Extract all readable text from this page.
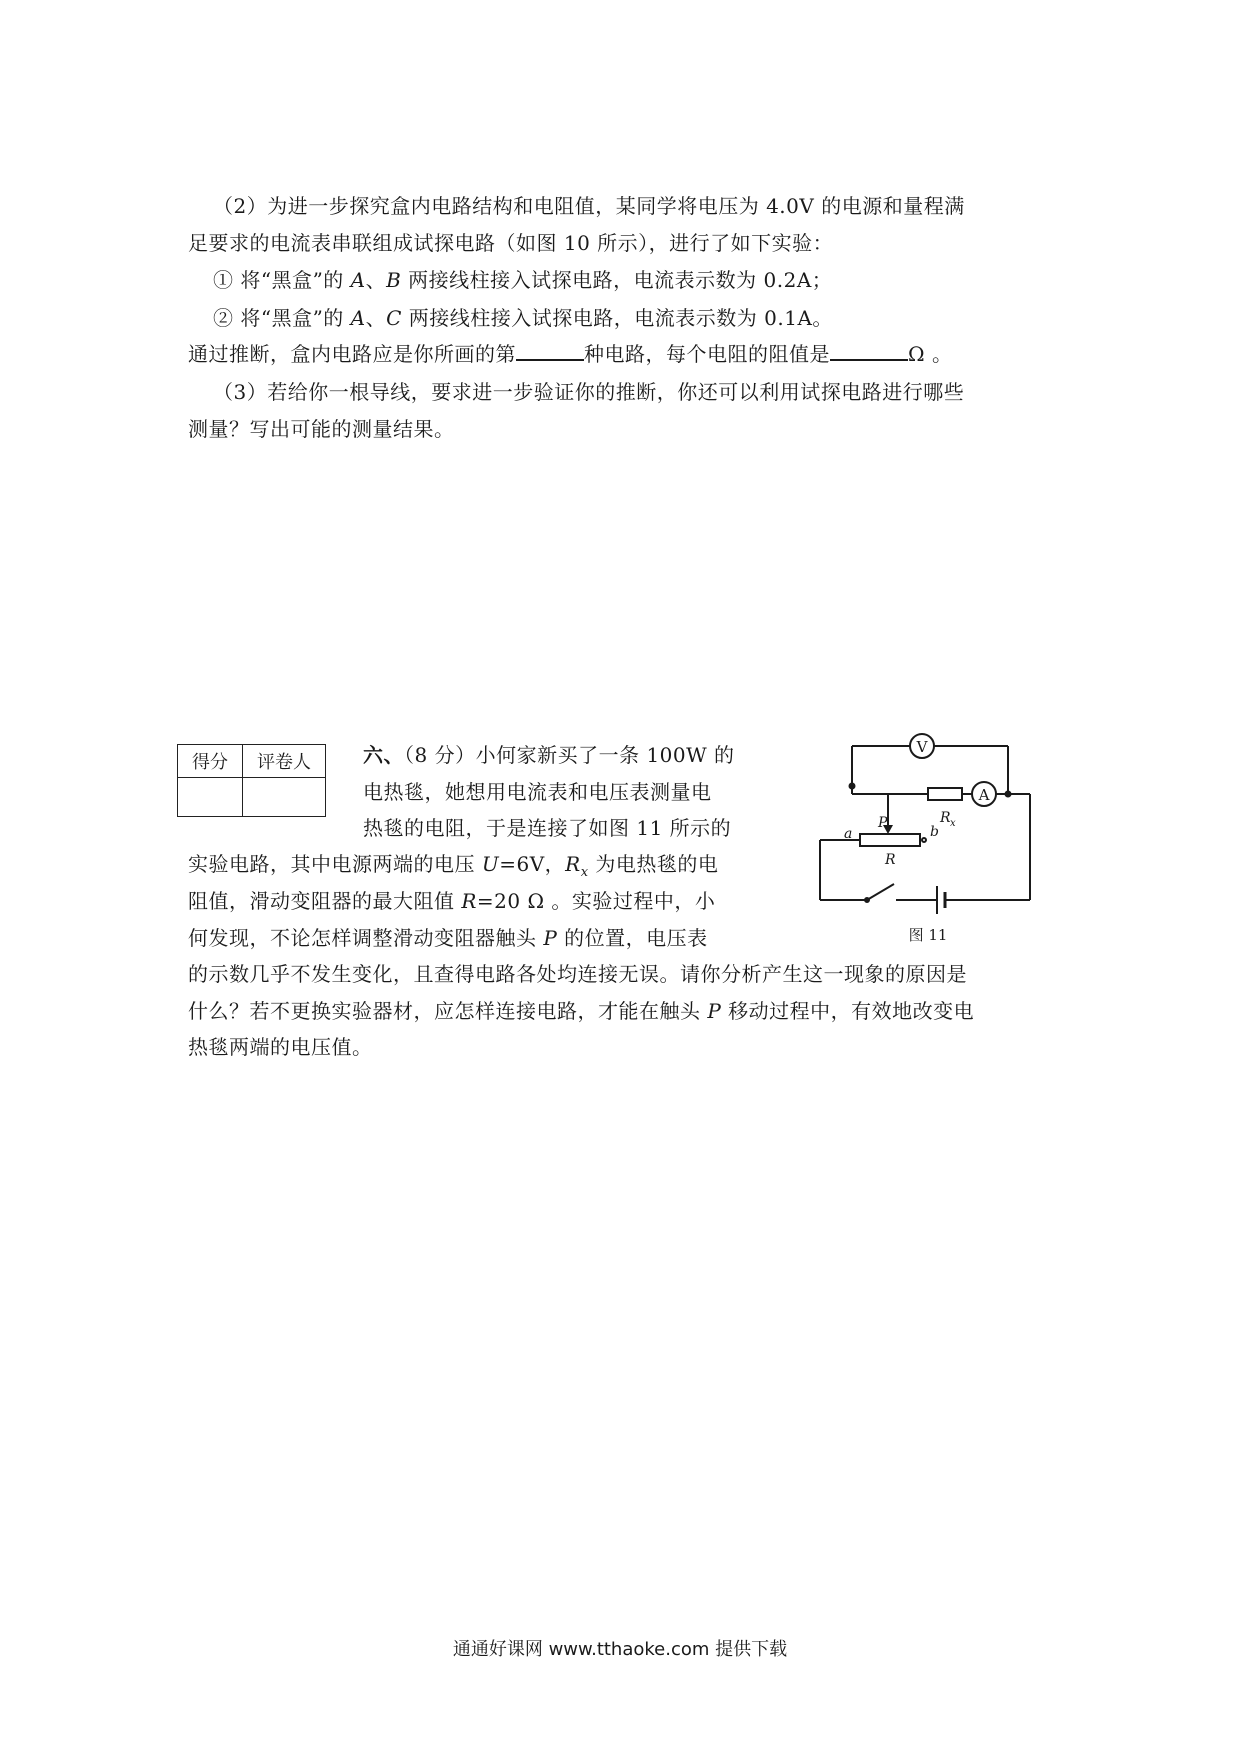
（2）为进一步探究盒内电路结构和电阻值，某同学将电压为 4.0V 的电源和量程满
足要求的电流表串联组成试探电路（如图 10 所示），进行了如下实验：
① 将“黑盒”的 A、B 两接线柱接入试探电路，电流表示数为 0.2A；
② 将“黑盒”的 A、C 两接线柱接入试探电路，电流表示数为 0.1A。
通过推断，盒内电路应是你所画的第	种电路，每个电阻的阻值是	Ω 。
（3）若给你一根导线，要求进一步验证你的推断，你还可以利用试探电路进行哪些
测量？写出可能的测量结果。
得分	评卷人
		六、（8 分）小何家新买了一条 100W 的
电热毯，她想用电流表和电压表测量电
热毯的电阻，于是连接了如图 11 所示的
实验电路，其中电源两端的电压 U=6V，$R_x$ 为电热毯的电
阻值，滑动变阻器的最大阻值 R=20 Ω 。实验过程中，小
何发现，不论怎样调整滑动变阻器触头 P 的位置，电压表
的示数几乎不发生变化，且查得电路各处均连接无误。请你分析产生这一现象的原因是
什么？若不更换实验器材，应怎样连接电路，才能在触头 P 移动过程中，有效地改变电
热毯两端的电压值。
V
A
a
P
b
R x
R
图 11
通通好课网 www.tthaoke.com 提供下载
